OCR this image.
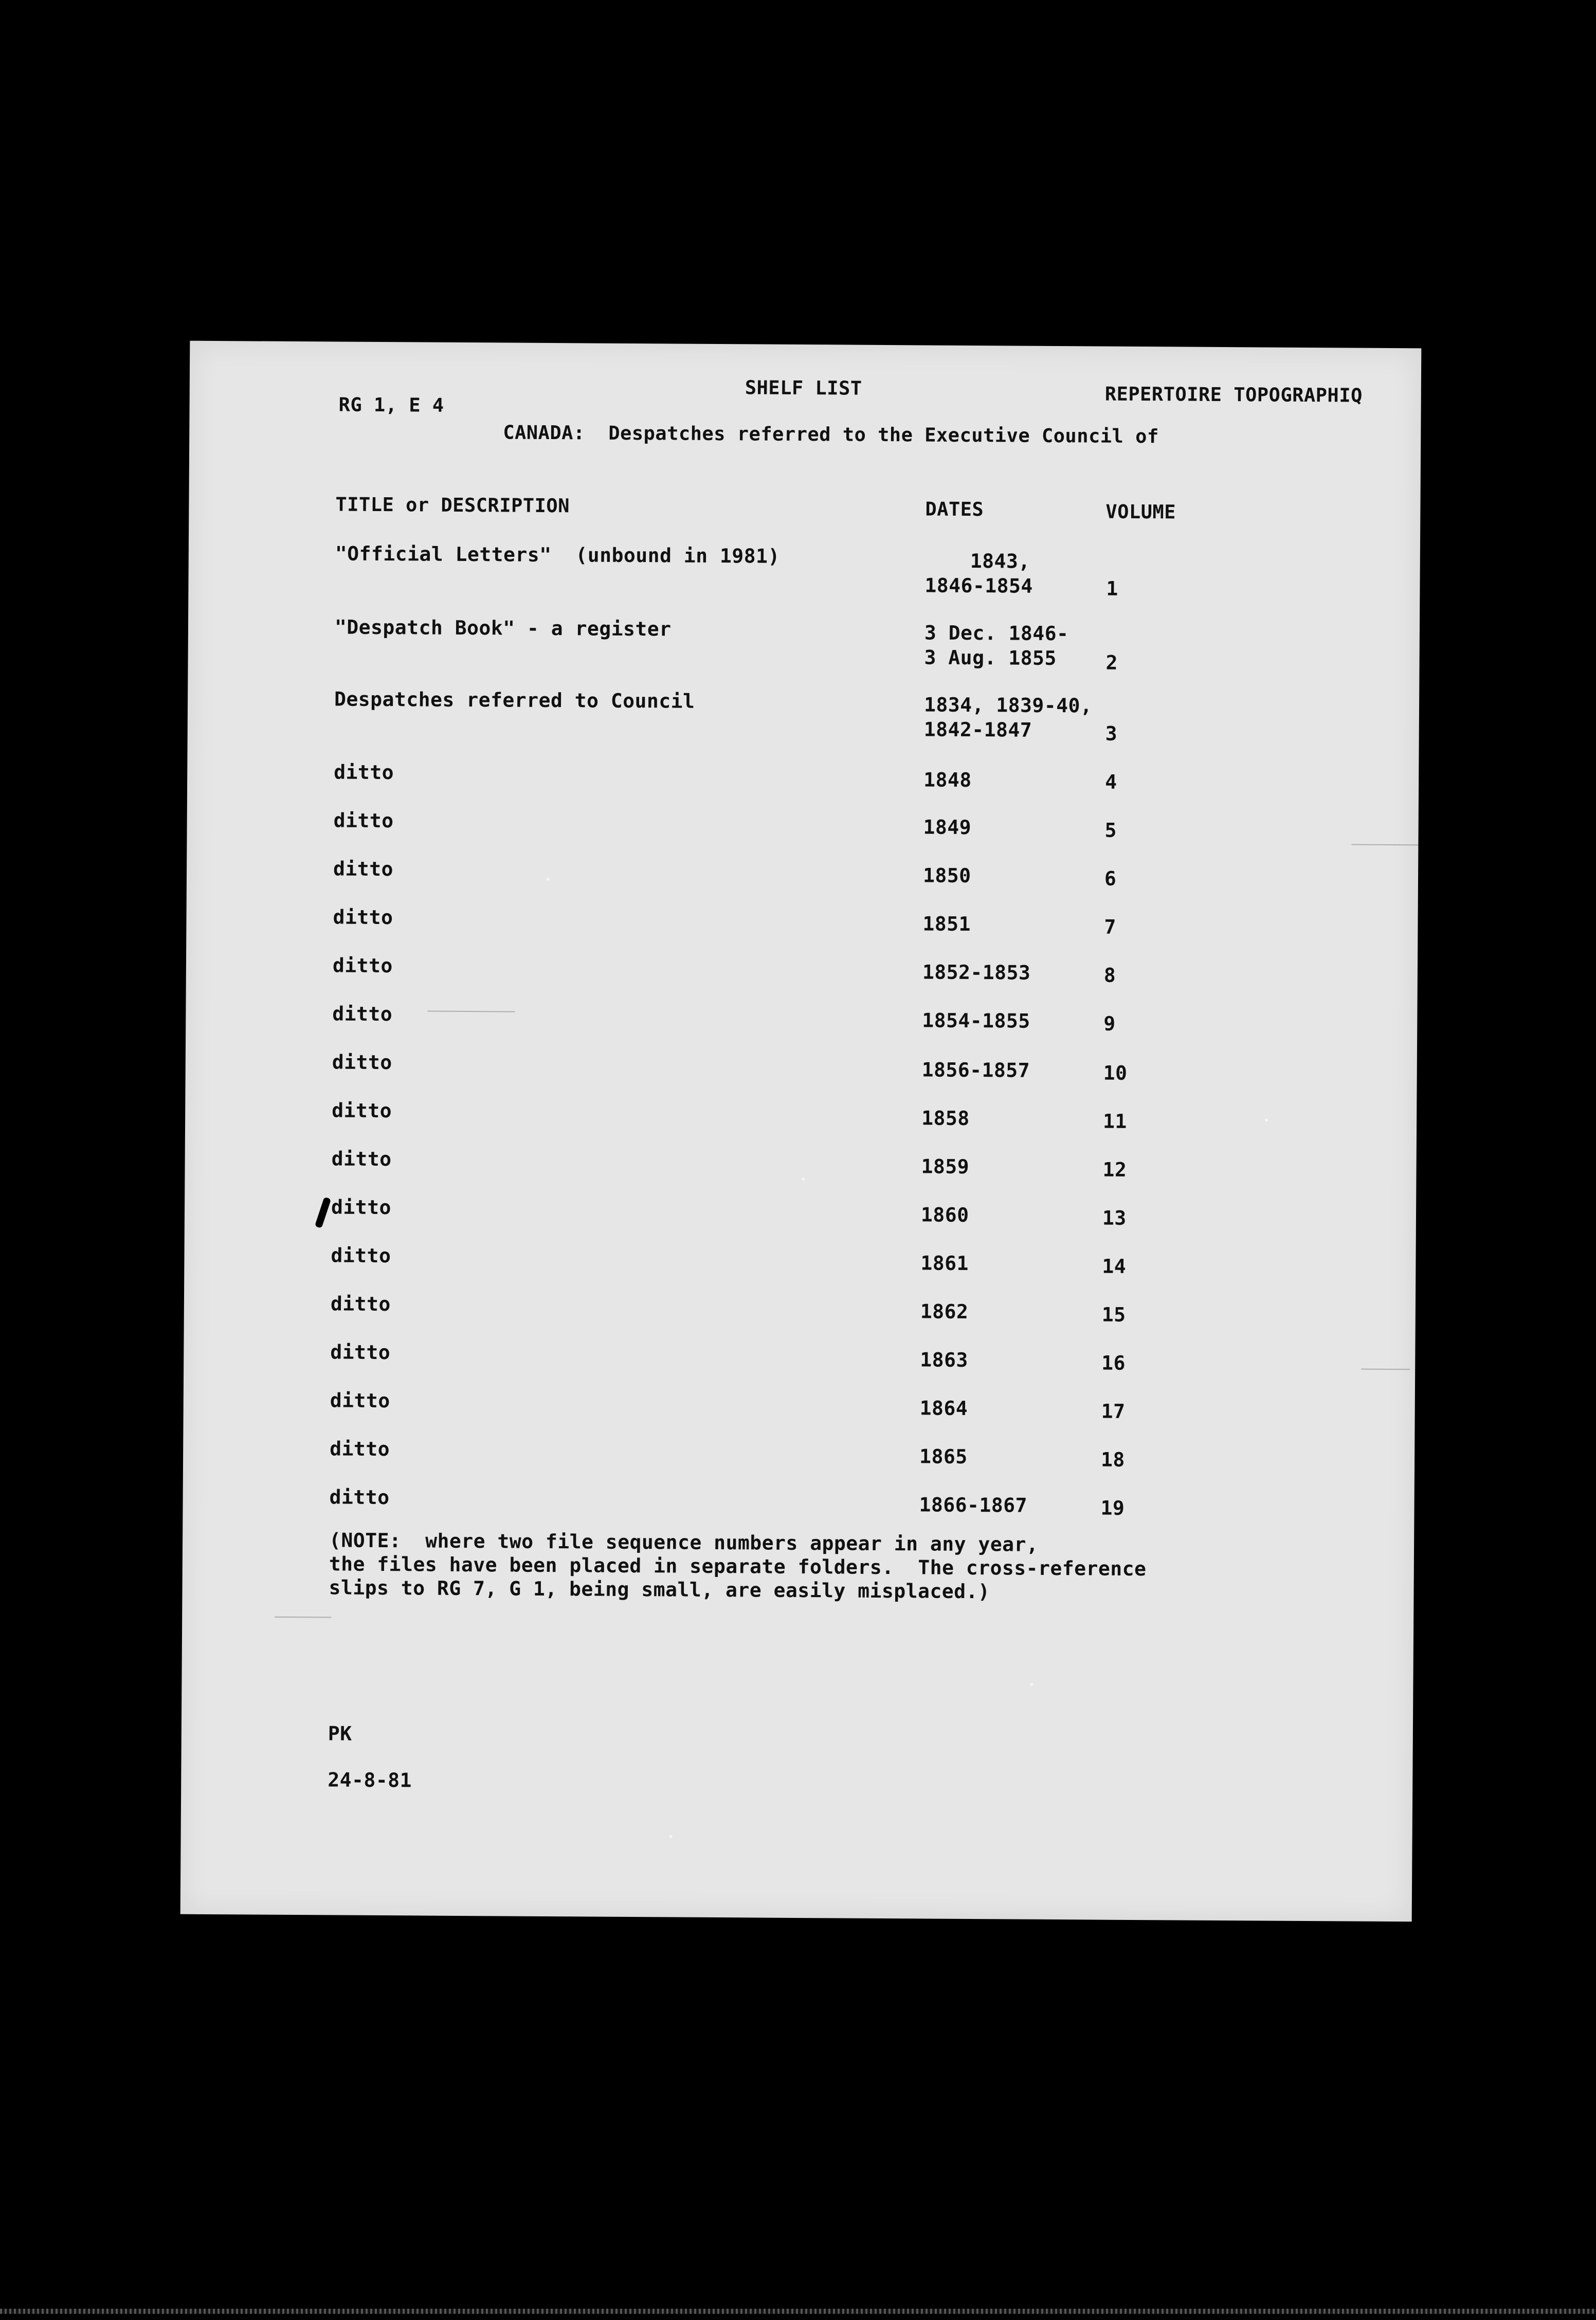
RG 1, E 4
SHELF LIST	REPERTOIRE TOPOGRAPHIQ
CANADA:  Despatches referred to the Executive Council of
TITLE or DESCRIPTION	DATES	VOLUME
"Official Letters"  (unbound in 1981)	1843,
1846-1854	1
"Despatch Book" - a register	3 Dec. 1846-
3 Aug. 1855	2
Despatches referred to Council	1834, 1839-40,
1842-1847	3
ditto	1848	4
ditto	1849	5
ditto	1850	6
ditto	1851	7
ditto	1852-1853	8
ditto	1854-1855	9
ditto	1856-1857	10
ditto	1858	11
ditto	1859	12
ditto	1860	13
ditto	1861	14
ditto	1862	15
ditto	1863	16
ditto	1864	17
ditto	1865	18
ditto	1866-1867	19
(NOTE:  where two file sequence numbers appear in any year,
the files have been placed in separate folders.  The cross-reference
slips to RG 7, G 1, being small, are easily misplaced.)
PK
24-8-81
